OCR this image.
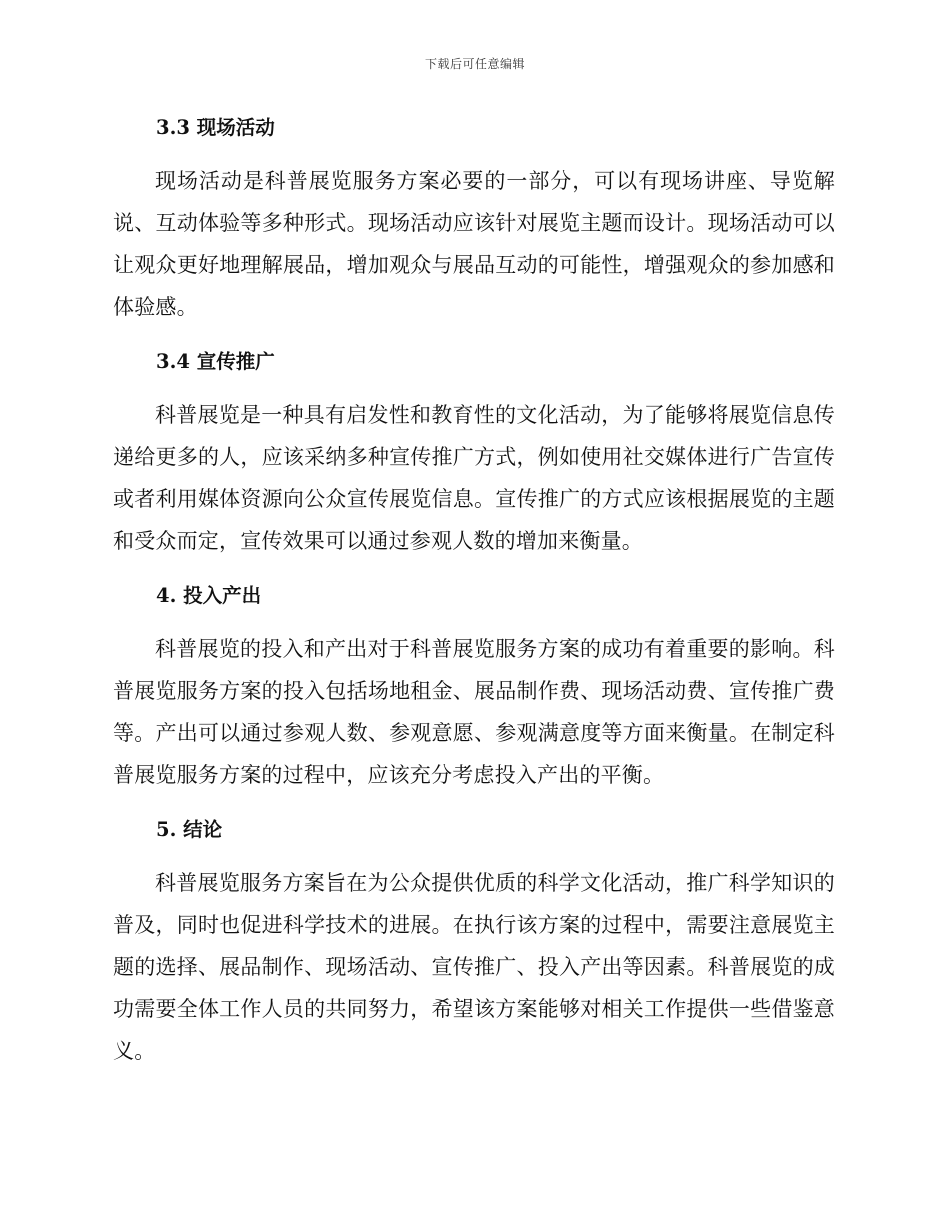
下载后可任意编辑
3.3 现场活动

现场活动是科普展览服务方案必要的一部分，可以有现场讲座、导览解说、互动体验等多种形式。现场活动应该针对展览主题而设计。现场活动可以让观众更好地理解展品，增加观众与展品互动的可能性，增强观众的参加感和体验感。

3.4 宣传推广

科普展览是一种具有启发性和教育性的文化活动，为了能够将展览信息传递给更多的人，应该采纳多种宣传推广方式，例如使用社交媒体进行广告宣传或者利用媒体资源向公众宣传展览信息。宣传推广的方式应该根据展览的主题和受众而定，宣传效果可以通过参观人数的增加来衡量。

4. 投入产出

科普展览的投入和产出对于科普展览服务方案的成功有着重要的影响。科普展览服务方案的投入包括场地租金、展品制作费、现场活动费、宣传推广费等。产出可以通过参观人数、参观意愿、参观满意度等方面来衡量。在制定科普展览服务方案的过程中，应该充分考虑投入产出的平衡。

5. 结论

科普展览服务方案旨在为公众提供优质的科学文化活动，推广科学知识的普及，同时也促进科学技术的进展。在执行该方案的过程中，需要注意展览主题的选择、展品制作、现场活动、宣传推广、投入产出等因素。科普展览的成功需要全体工作人员的共同努力，希望该方案能够对相关工作提供一些借鉴意义。
